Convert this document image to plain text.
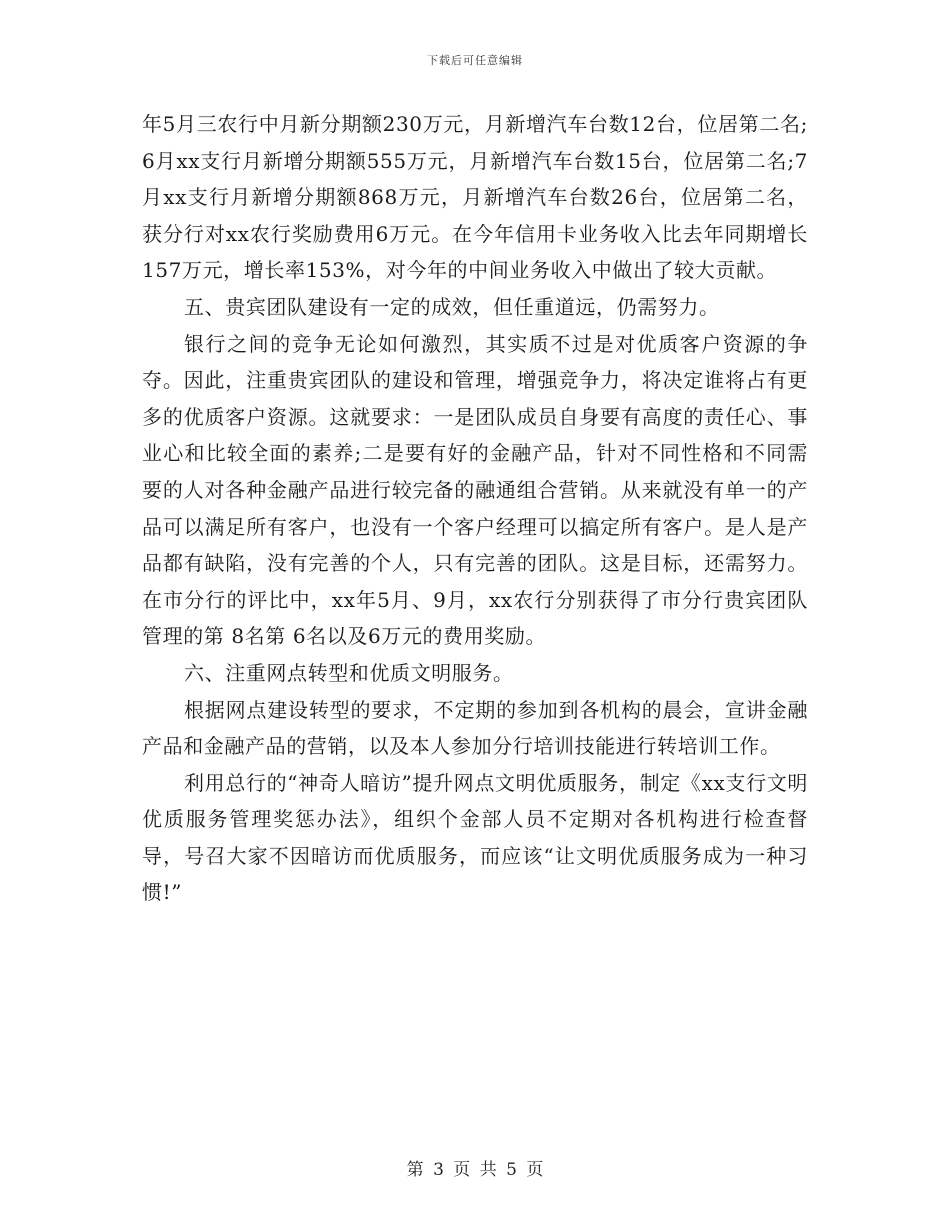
下载后可任意编辑

年5月三农行中月新分期额230万元，月新增汽车台数12台，位居第二名;6月xx支行月新增分期额555万元，月新增汽车台数15台，位居第二名;7月xx支行月新增分期额868万元，月新增汽车台数26台，位居第二名，获分行对xx农行奖励费用6万元。在今年信用卡业务收入比去年同期增长157万元，增长率153%，对今年的中间业务收入中做出了较大贡献。

五、贵宾团队建设有一定的成效，但任重道远，仍需努力。

银行之间的竞争无论如何激烈，其实质不过是对优质客户资源的争夺。因此，注重贵宾团队的建设和管理，增强竞争力，将决定谁将占有更多的优质客户资源。这就要求：一是团队成员自身要有高度的责任心、事业心和比较全面的素养;二是要有好的金融产品，针对不同性格和不同需要的人对各种金融产品进行较完备的融通组合营销。从来就没有单一的产品可以满足所有客户，也没有一个客户经理可以搞定所有客户。是人是产品都有缺陷，没有完善的个人，只有完善的团队。这是目标，还需努力。在市分行的评比中，xx年5月、9月，xx农行分别获得了市分行贵宾团队管理的第 8名第 6名以及6万元的费用奖励。

六、注重网点转型和优质文明服务。

根据网点建设转型的要求，不定期的参加到各机构的晨会，宣讲金融产品和金融产品的营销，以及本人参加分行培训技能进行转培训工作。

利用总行的“神奇人暗访”提升网点文明优质服务，制定《xx支行文明优质服务管理奖惩办法》，组织个金部人员不定期对各机构进行检查督导，号召大家不因暗访而优质服务，而应该“让文明优质服务成为一种习惯!”

第 3 页 共 5 页
